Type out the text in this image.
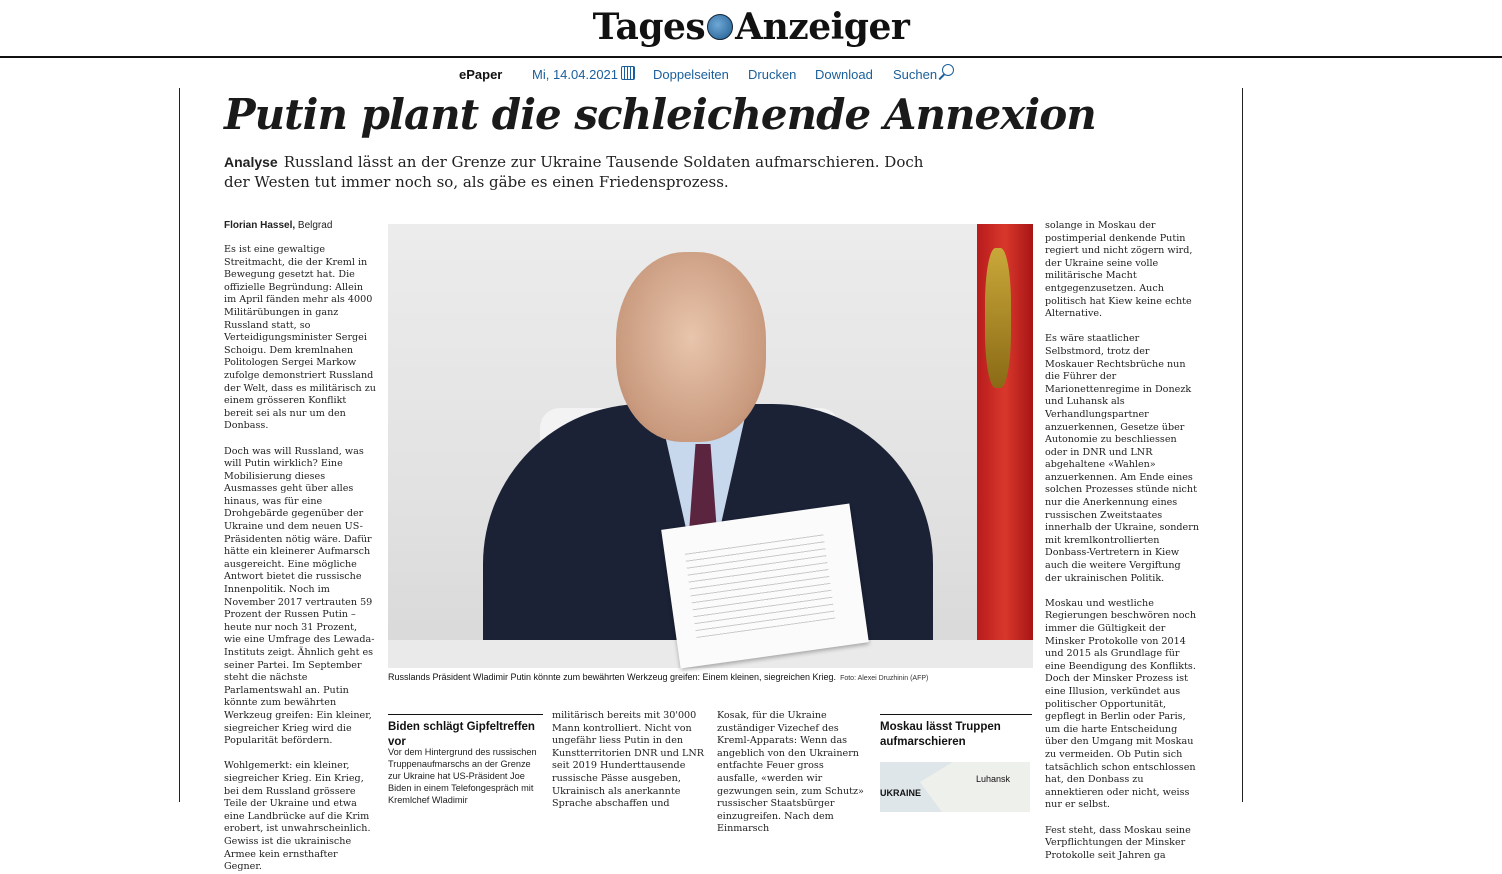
Tages Anzeiger
ePaper Mi, 14.04.2021	Doppelseiten Drucken Download Suchen
Putin plant die schleichende Annexion
Analyse Russland lässt an der Grenze zur Ukraine Tausende Soldaten aufmarschieren. Doch der Westen tut immer noch so, als gäbe es einen Friedensprozess.
Florian Hassel, Belgrad

Es ist eine gewaltige Streitmacht, die der Kreml in Bewegung gesetzt hat. Die offizielle Begründung: Allein im April fänden mehr als 4000 Militärübungen in ganz Russland statt, so Verteidigungsminister Sergei Schoigu. Dem kremlnahen Politologen Sergei Markow zufolge demonstriert Russland der Welt, dass es militärisch zu einem grösseren Konflikt bereit sei als nur um den Donbass.

Doch was will Russland, was will Putin wirklich? Eine Mobilisierung dieses Ausmasses geht über alles hinaus, was für eine Drohgebärde gegenüber der Ukraine und dem neuen US-Präsidenten nötig wäre. Dafür hätte ein kleinerer Aufmarsch ausgereicht. Eine mögliche Antwort bietet die russische Innenpolitik. Noch im November 2017 vertrauten 59 Prozent der Russen Putin – heute nur noch 31 Prozent, wie eine Umfrage des Lewada-Instituts zeigt. Ähnlich geht es seiner Partei. Im September steht die nächste Parlamentswahl an. Putin könnte zum bewährten Werkzeug greifen: Ein kleiner, siegreicher Krieg wird die Popularität befördern.

Wohlgemerkt: ein kleiner, siegreicher Krieg. Ein Krieg, bei dem Russland grössere Teile der Ukraine und etwa eine Landbrücke auf die Krim erobert, ist unwahrscheinlich. Gewiss ist die ukrainische Armee kein ernsthafter Gegner.

Russlands Präsident Wladimir Putin könnte zum bewährten Werkzeug greifen: Einem kleinen, siegreichen Krieg. Foto: Alexei Druzhinin (AFP)
Biden schlägt Gipfeltreffen vor
Vor dem Hintergrund des russischen Truppenaufmarschs an der Grenze zur Ukraine hat US-Präsident Joe Biden in einem Telefongespräch mit Kremlchef Wladimir
militärisch bereits mit 30'000 Mann kontrolliert. Nicht von ungefähr liess Putin in den Kunstterritorien DNR und LNR seit 2019 Hunderttausende russische Pässe ausgeben, Ukrainisch als anerkannte Sprache abschaffen und
Kosak, für die Ukraine zuständiger Vizechef des Kreml-Apparats: Wenn das angeblich von den Ukrainern entfachte Feuer gross ausfalle, «werden wir gezwungen sein, zum Schutz» russischer Staatsbürger einzugreifen. Nach dem Einmarsch
Moskau lässt Truppen aufmarschieren
Luhansk
UKRAINE

solange in Moskau der postimperial denkende Putin regiert und nicht zögern wird, der Ukraine seine volle militärische Macht entgegenzusetzen. Auch politisch hat Kiew keine echte Alternative.

Es wäre staatlicher Selbstmord, trotz der Moskauer Rechtsbrüche nun die Führer der Marionettenregime in Donezk und Luhansk als Verhandlungspartner anzuerkennen, Gesetze über Autonomie zu beschliessen oder in DNR und LNR abgehaltene «Wahlen» anzuerkennen. Am Ende eines solchen Prozesses stünde nicht nur die Anerkennung eines russischen Zweitstaates innerhalb der Ukraine, sondern mit kremlkontrollierten Donbass-Vertretern in Kiew auch die weitere Vergiftung der ukrainischen Politik.

Moskau und westliche Regierungen beschwören noch immer die Gültigkeit der Minsker Protokolle von 2014 und 2015 als Grundlage für eine Beendigung des Konflikts. Doch der Minsker Prozess ist eine Illusion, verkündet aus politischer Opportunität, gepflegt in Berlin oder Paris, um die harte Entscheidung über den Umgang mit Moskau zu vermeiden. Ob Putin sich tatsächlich schon entschlossen hat, den Donbass zu annektieren oder nicht, weiss nur er selbst.

Fest steht, dass Moskau seine Verpflichtungen der Minsker Protokolle seit Jahren ga
